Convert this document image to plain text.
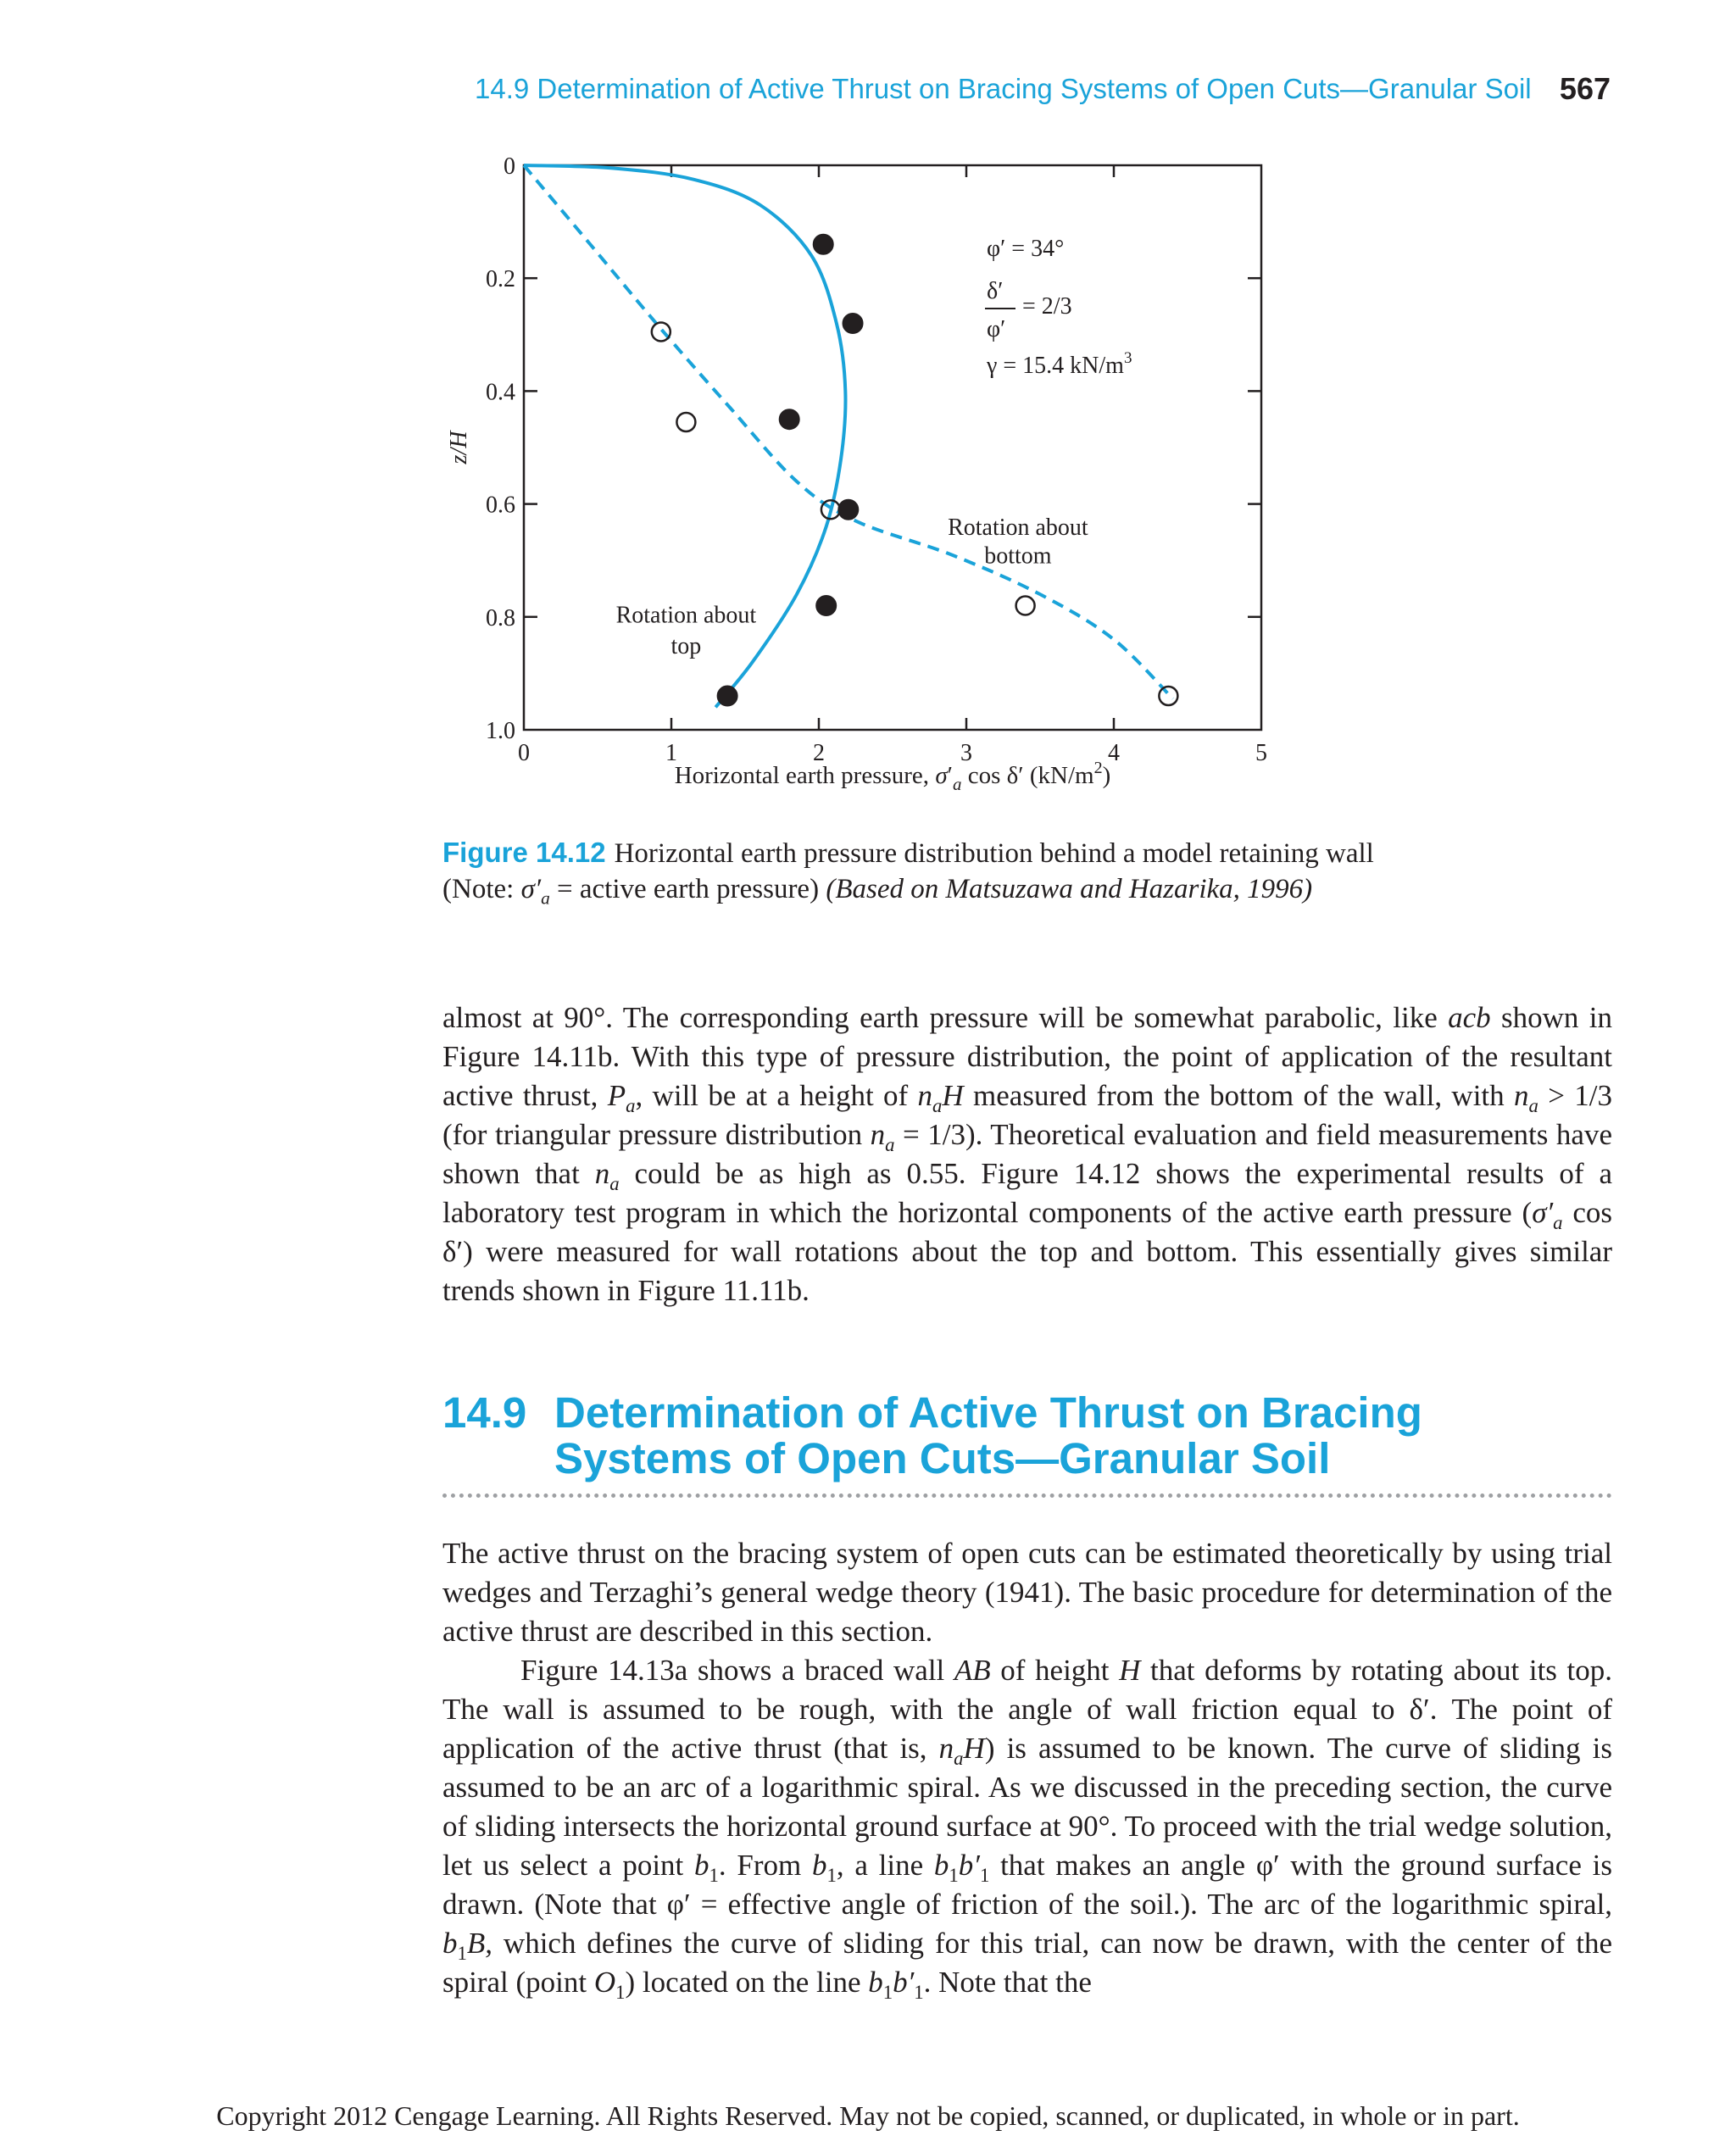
14.9 Determination of Active Thrust on Bracing Systems of Open Cuts—Granular Soil 567
0	1	2	3	4	5
0
0.2
0.4
0.6
0.8
1.0
Rotation about
bottom
Rotation about
top
z/H
Horizontal earth pressure, $\sigma'_a$ cos δ′ $(kN/m^2)$
φ′ = 34°
δ′
φ′
= 2/3
γ = 15.4 $kN/m^3$
Figure 14.12 Horizontal earth pressure distribution behind a model retaining wall
(Note: $\sigma'_a$ = active earth pressure) (Based on Matsuzawa and Hazarika, 1996)

almost at 90°. The corresponding earth pressure will be somewhat parabolic, like acb shown in Figure 14.11b. With this type of pressure distribution, the point of application of the resultant active thrust, $P_a$, will be at a height of $n_aH$ measured from the bottom of the wall, with $n_a > 1/3$ (for triangular pressure distribution $n_a = 1/3$). Theoretical evaluation and field measurements have shown that $n_a$ could be as high as 0.55. Figure 14.12 shows the experimental results of a laboratory test program in which the horizontal components of the active earth pressure ($\sigma'_a$ cos δ′) were measured for wall rotations about the top and bottom. This essentially gives similar trends shown in Figure 11.11b.

14.9 Determination of Active Thrust on Bracing Systems of Open Cuts—Granular Soil

The active thrust on the bracing system of open cuts can be estimated theoretically by using trial wedges and Terzaghi’s general wedge theory (1941). The basic procedure for determination of the active thrust are described in this section.

Figure 14.13a shows a braced wall AB of height H that deforms by rotating about its top. The wall is assumed to be rough, with the angle of wall friction equal to δ′. The point of application of the active thrust (that is, $n_aH$) is assumed to be known. The curve of sliding is assumed to be an arc of a logarithmic spiral. As we discussed in the preceding section, the curve of sliding intersects the horizontal ground surface at 90°. To proceed with the trial wedge solution, let us select a point $b_1$. From $b_1$, a line $b_1b'_1$ that makes an angle φ′ with the ground surface is drawn. (Note that φ′ = effective angle of friction of the soil.). The arc of the logarithmic spiral, $b_1B$, which defines the curve of sliding for this trial, can now be drawn, with the center of the spiral (point $O_1$) located on the line $b_1b'_1$. Note that the

Copyright 2012 Cengage Learning. All Rights Reserved. May not be copied, scanned, or duplicated, in whole or in part.
